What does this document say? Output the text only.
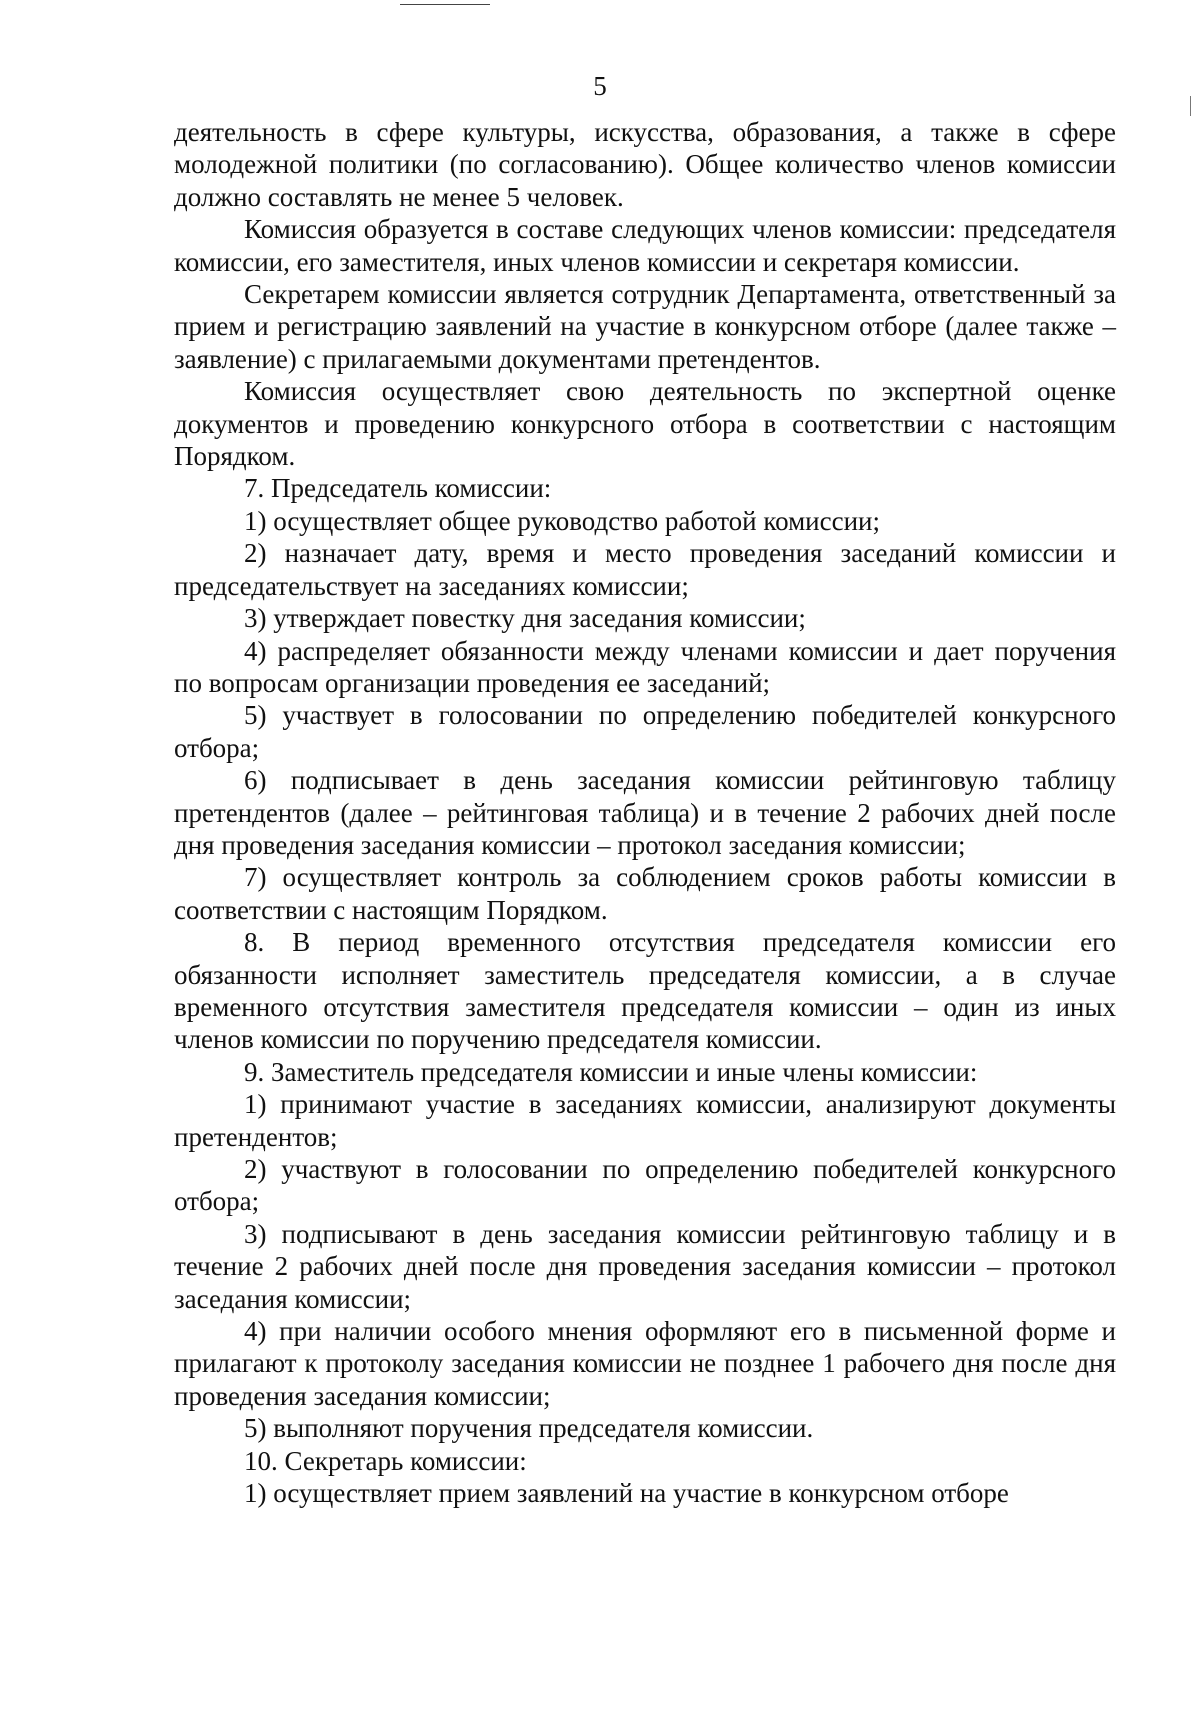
5

деятельность в сфере культуры, искусства, образования, а также в сфере молодежной политики (по согласованию). Общее количество членов комиссии должно составлять не менее 5 человек.

Комиссия образуется в составе следующих членов комиссии: председателя комиссии, его заместителя, иных членов комиссии и секретаря комиссии.

Секретарем комиссии является сотрудник Департамента, ответственный за прием и регистрацию заявлений на участие в конкурсном отборе (далее также – заявление) с прилагаемыми документами претендентов.

Комиссия осуществляет свою деятельность по экспертной оценке документов и проведению конкурсного отбора в соответствии с настоящим Порядком.

7. Председатель комиссии:

1) осуществляет общее руководство работой комиссии;

2) назначает дату, время и место проведения заседаний комиссии и председательствует на заседаниях комиссии;

3) утверждает повестку дня заседания комиссии;

4) распределяет обязанности между членами комиссии и дает поручения по вопросам организации проведения ее заседаний;

5) участвует в голосовании по определению победителей конкурсного отбора;

6) подписывает в день заседания комиссии рейтинговую таблицу претендентов (далее – рейтинговая таблица) и в течение 2 рабочих дней после дня проведения заседания комиссии – протокол заседания комиссии;

7) осуществляет контроль за соблюдением сроков работы комиссии в соответствии с настоящим Порядком.

8. В период временного отсутствия председателя комиссии его обязанности исполняет заместитель председателя комиссии, а в случае временного отсутствия заместителя председателя комиссии – один из иных членов комиссии по поручению председателя комиссии.

9. Заместитель председателя комиссии и иные члены комиссии:

1) принимают участие в заседаниях комиссии, анализируют документы претендентов;

2) участвуют в голосовании по определению победителей конкурсного отбора;

3) подписывают в день заседания комиссии рейтинговую таблицу и в течение 2 рабочих дней после дня проведения заседания комиссии – протокол заседания комиссии;

4) при наличии особого мнения оформляют его в письменной форме и прилагают к протоколу заседания комиссии не позднее 1 рабочего дня после дня проведения заседания комиссии;

5) выполняют поручения председателя комиссии.

10. Секретарь комиссии:

1) осуществляет прием заявлений на участие в конкурсном отборе
